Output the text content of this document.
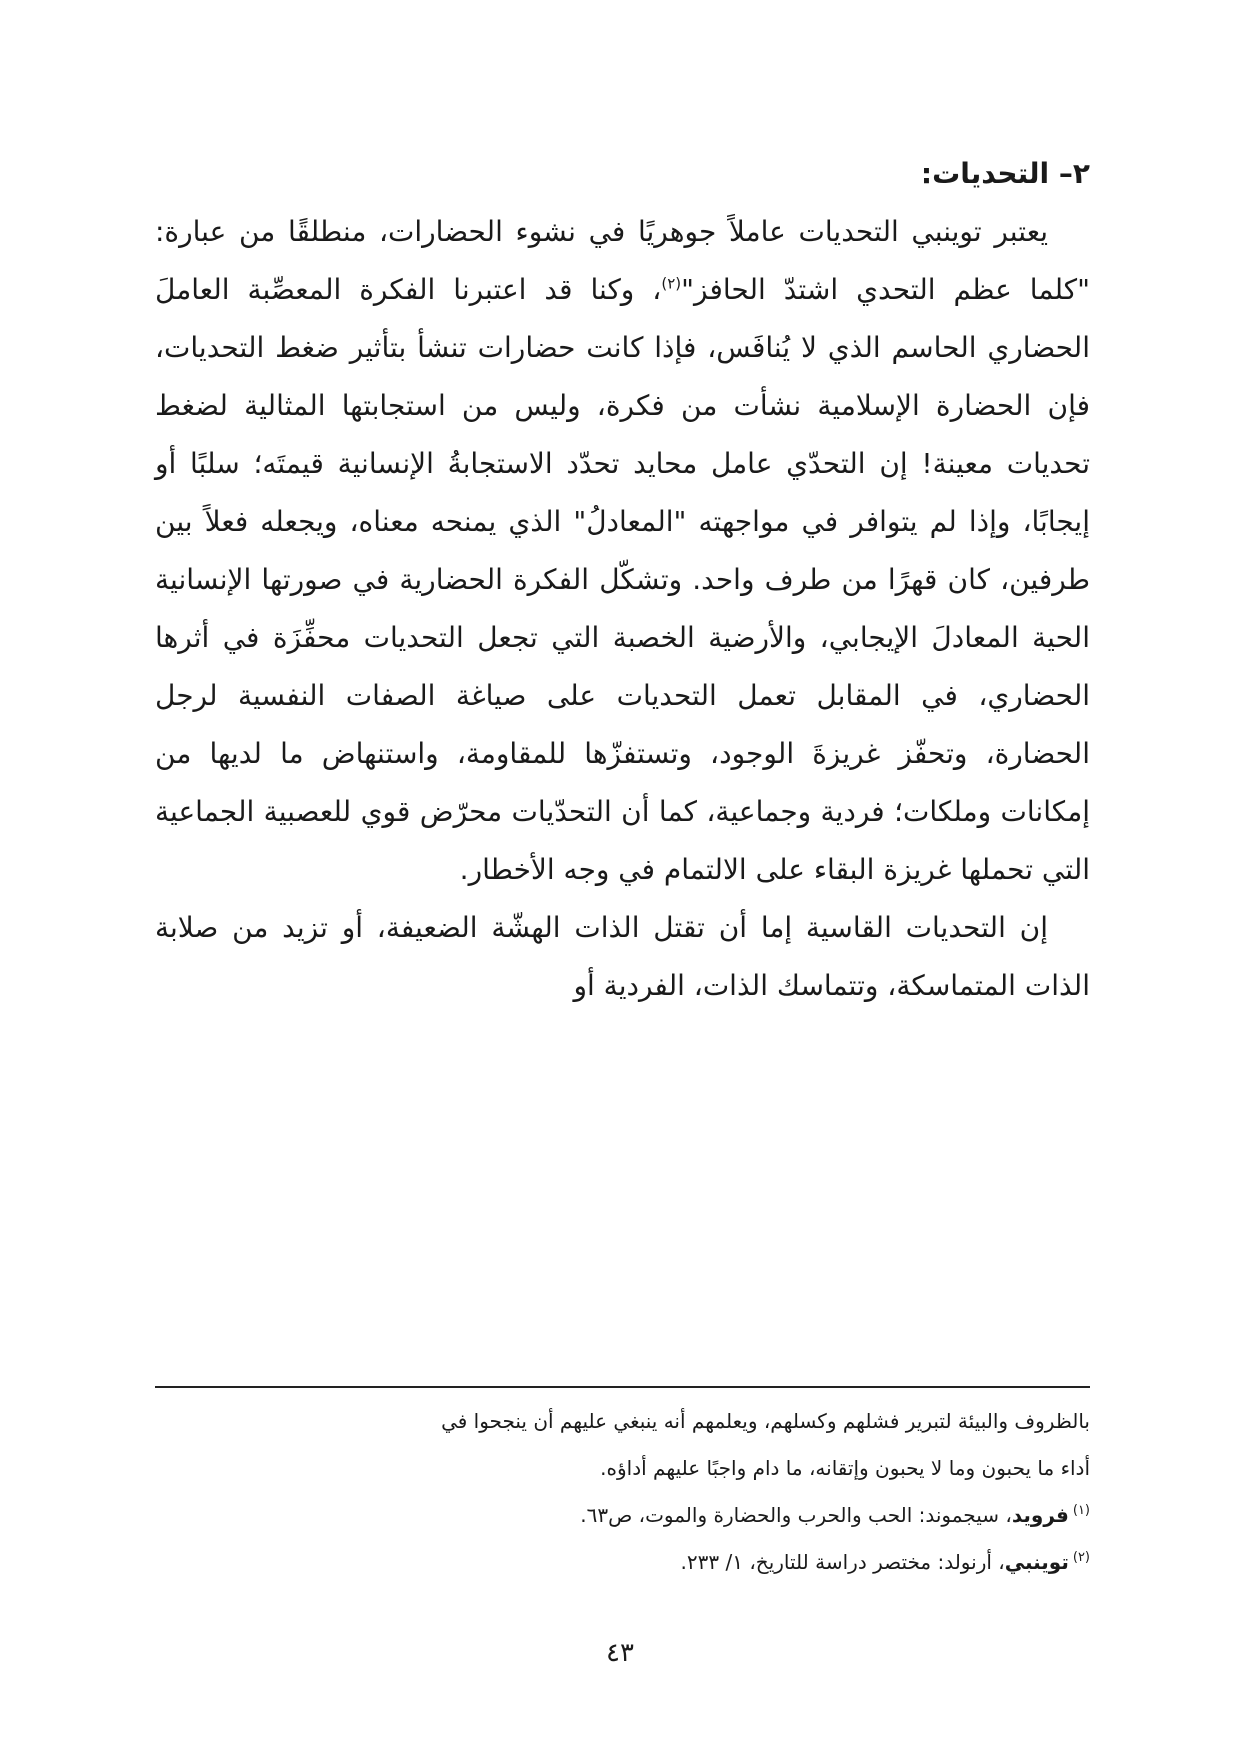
٢– التحديات:

يعتبر توينبي التحديات عاملاً جوهريًا في نشوء الحضارات، منطلقًا من عبارة: "كلما عظم التحدي اشتدّ الحافز"$^{(٢)}$، وكنا قد اعتبرنا الفكرة المعصِّبة العاملَ الحضاري الحاسم الذي لا يُنافَس، فإذا كانت حضارات تنشأ بتأثير ضغط التحديات، فإن الحضارة الإسلامية نشأت من فكرة، وليس من استجابتها المثالية لضغط تحديات معينة! إن التحدّي عامل محايد تحدّد الاستجابةُ الإنسانية قيمتَه؛ سلبًا أو إيجابًا، وإذا لم يتوافر في مواجهته "المعادلُ" الذي يمنحه معناه، ويجعله فعلاً بين طرفين، كان قهرًا من طرف واحد. وتشكّل الفكرة الحضارية في صورتها الإنسانية الحية المعادلَ الإيجابي، والأرضية الخصبة التي تجعل التحديات محفِّزَة في أثرها الحضاري، في المقابل تعمل التحديات على صياغة الصفات النفسية لرجل الحضارة، وتحفّز غريزةَ الوجود، وتستفزّها للمقاومة، واستنهاض ما لديها من إمكانات وملكات؛ فردية وجماعية، كما أن التحدّيات محرّض قوي للعصبية الجماعية التي تحملها غريزة البقاء على الالتمام في وجه الأخطار.

إن التحديات القاسية إما أن تقتل الذات الهشّة الضعيفة، أو تزيد من صلابة الذات المتماسكة، وتتماسك الذات، الفردية أو

بالظروف والبيئة لتبرير فشلهم وكسلهم، ويعلمهم أنه ينبغي عليهم أن ينجحوا في

أداء ما يحبون وما لا يحبون وإتقانه، ما دام واجبًا عليهم أداؤه.

$^{(١)}$فرويد، سيجموند: الحب والحرب والحضارة والموت، ص٦٣.

$^{(٢)}$توينبي، أرنولد: مختصر دراسة للتاريخ، ١/ ٢٣٣.

٤٣
